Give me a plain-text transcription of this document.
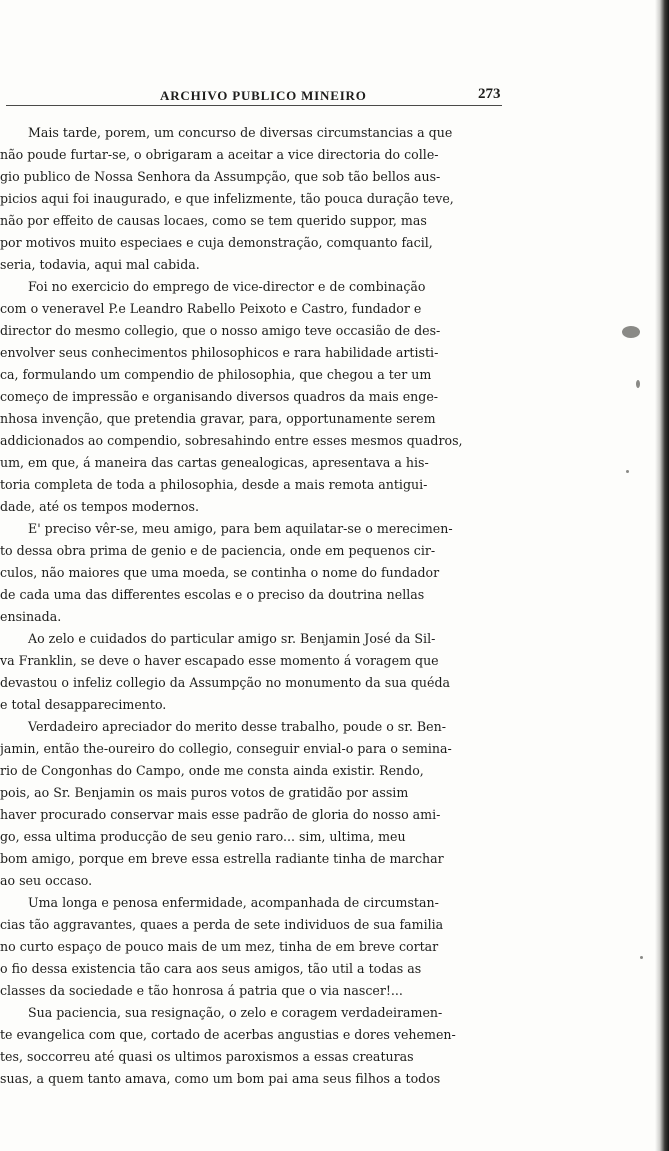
ARCHIVO PUBLICO MINEIRO	273
Mais tarde, porem, um concurso de diversas circumstancias a que
não poude furtar-se, o obrigaram a aceitar a vice directoria do colle-
gio publico de Nossa Senhora da Assumpção, que sob tão bellos aus-
picios aqui foi inaugurado, e que infelizmente, tão pouca duração teve,
não por effeito de causas locaes, como se tem querido suppor, mas
por motivos muito especiaes e cuja demonstração, comquanto facil,
seria, todavia, aqui mal cabida.
Foi no exercicio do emprego de vice-director e de combinação
com o veneravel P.e Leandro Rabello Peixoto e Castro, fundador e
director do mesmo collegio, que o nosso amigo teve occasião de des-
envolver seus conhecimentos philosophicos e rara habilidade artisti-
ca, formulando um compendio de philosophia, que chegou a ter um
começo de impressão e organisando diversos quadros da mais enge-
nhosa invenção, que pretendia gravar, para, opportunamente serem
addicionados ao compendio, sobresahindo entre esses mesmos quadros,
um, em que, á maneira das cartas genealogicas, apresentava a his-
toria completa de toda a philosophia, desde a mais remota antigui-
dade, até os tempos modernos.
E' preciso vêr-se, meu amigo, para bem aquilatar-se o merecimen-
to dessa obra prima de genio e de paciencia, onde em pequenos cir-
culos, não maiores que uma moeda, se continha o nome do fundador
de cada uma das differentes escolas e o preciso da doutrina nellas
ensinada.
Ao zelo e cuidados do particular amigo sr. Benjamin José da Sil-
va Franklin, se deve o haver escapado esse momento á voragem que
devastou o infeliz collegio da Assumpção no monumento da sua quéda
e total desapparecimento.
Verdadeiro apreciador do merito desse trabalho, poude o sr. Ben-
jamin, então the-oureiro do collegio, conseguir envial-o para o semina-
rio de Congonhas do Campo, onde me consta ainda existir. Rendo,
pois, ao Sr. Benjamin os mais puros votos de gratidão por assim
haver procurado conservar mais esse padrão de gloria do nosso ami-
go, essa ultima producção de seu genio raro... sim, ultima, meu
bom amigo, porque em breve essa estrella radiante tinha de marchar
ao seu occaso.
Uma longa e penosa enfermidade, acompanhada de circumstan-
cias tão aggravantes, quaes a perda de sete individuos de sua familia
no curto espaço de pouco mais de um mez, tinha de em breve cortar
o fio dessa existencia tão cara aos seus amigos, tão util a todas as
classes da sociedade e tão honrosa á patria que o via nascer!...
Sua paciencia, sua resignação, o zelo e coragem verdadeiramen-
te evangelica com que, cortado de acerbas angustias e dores vehemen-
tes, soccorreu até quasi os ultimos paroxismos a essas creaturas
suas, a quem tanto amava, como um bom pai ama seus filhos a todos
